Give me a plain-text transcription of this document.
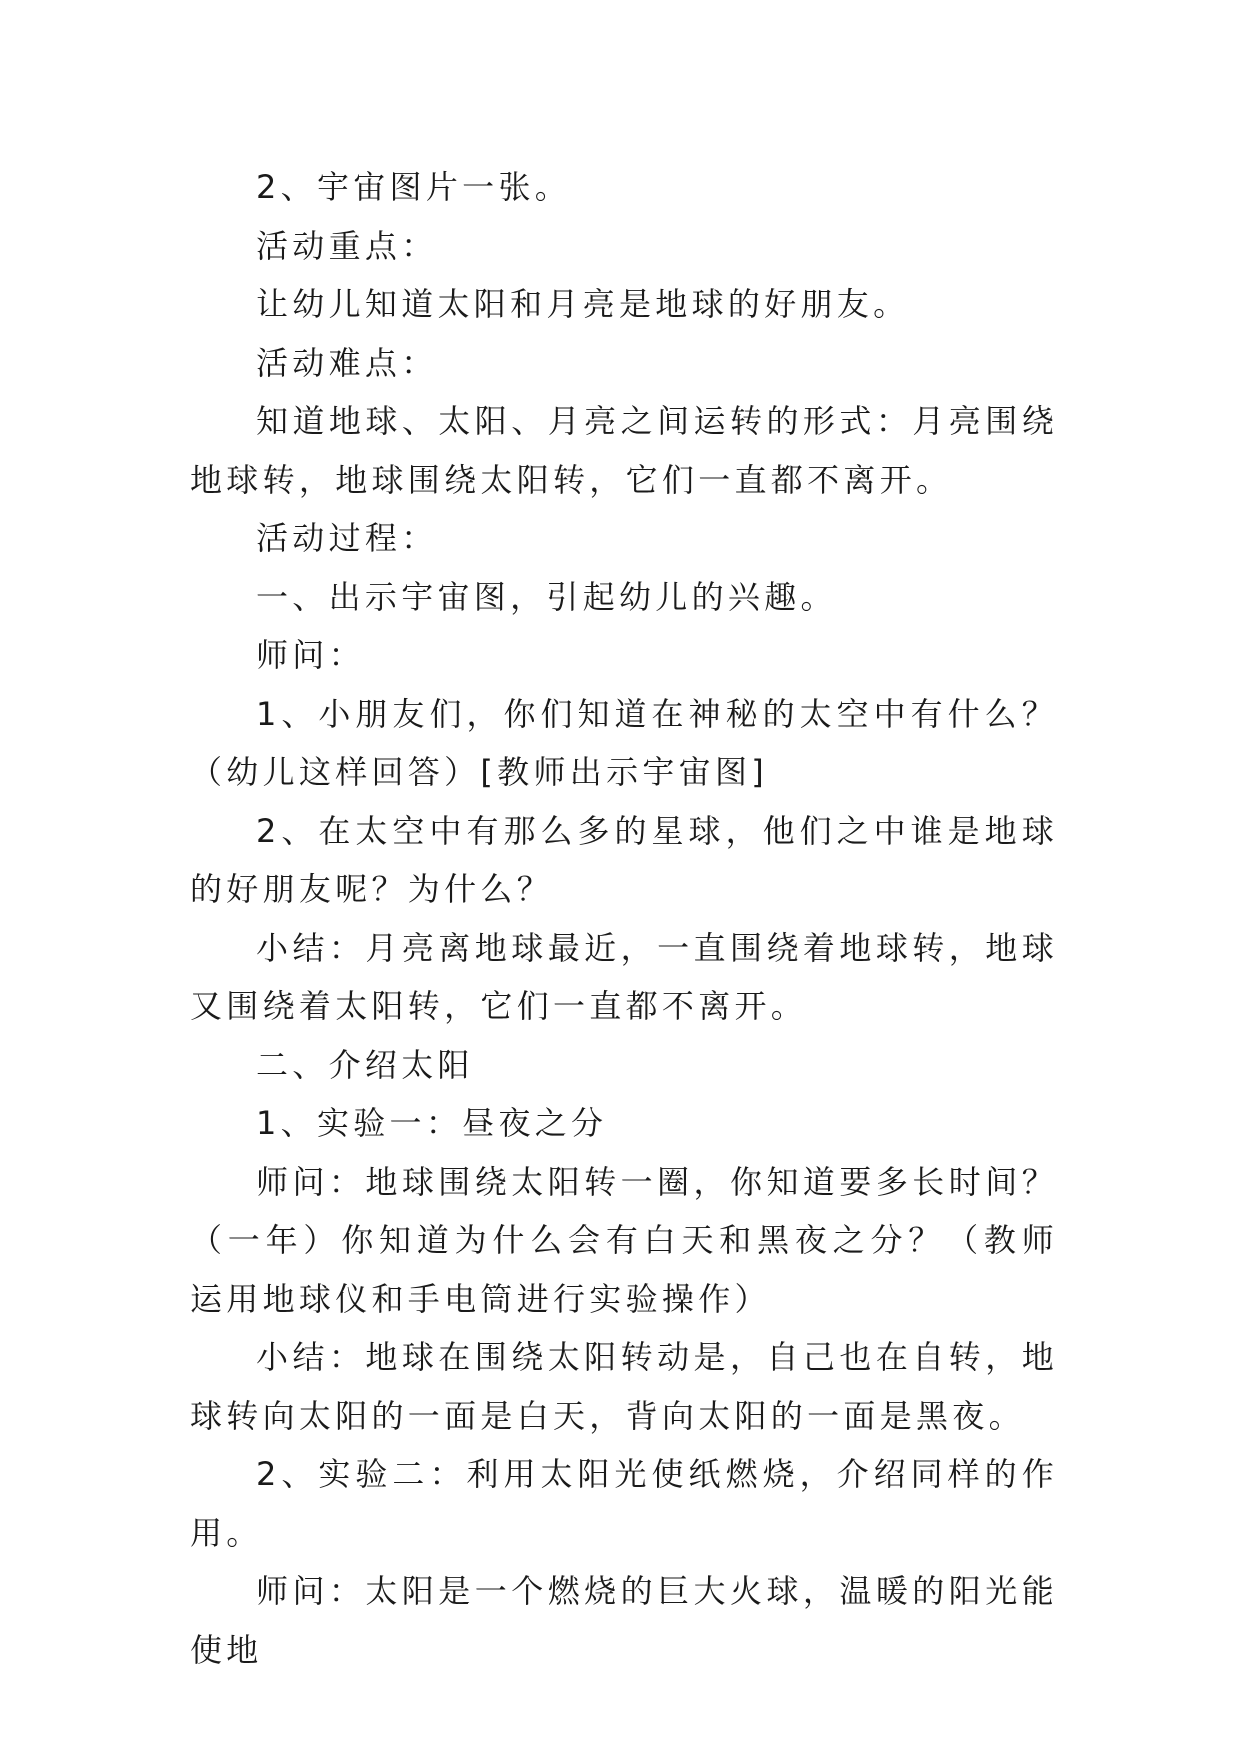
2、宇宙图片一张。

活动重点：

让幼儿知道太阳和月亮是地球的好朋友。

活动难点：

知道地球、太阳、月亮之间运转的形式：月亮围绕地球转，地球围绕太阳转，它们一直都不离开。

活动过程：

一、出示宇宙图，引起幼儿的兴趣。

师问：

1、小朋友们，你们知道在神秘的太空中有什么？（幼儿这样回答）[教师出示宇宙图]

2、在太空中有那么多的星球，他们之中谁是地球的好朋友呢？为什么？

小结：月亮离地球最近，一直围绕着地球转，地球又围绕着太阳转，它们一直都不离开。

二、介绍太阳

1、实验一：昼夜之分

师问：地球围绕太阳转一圈，你知道要多长时间？（一年）你知道为什么会有白天和黑夜之分？（教师运用地球仪和手电筒进行实验操作）

小结：地球在围绕太阳转动是，自己也在自转，地球转向太阳的一面是白天，背向太阳的一面是黑夜。

2、实验二：利用太阳光使纸燃烧，介绍同样的作用。

师问：太阳是一个燃烧的巨大火球，温暖的阳光能使地
